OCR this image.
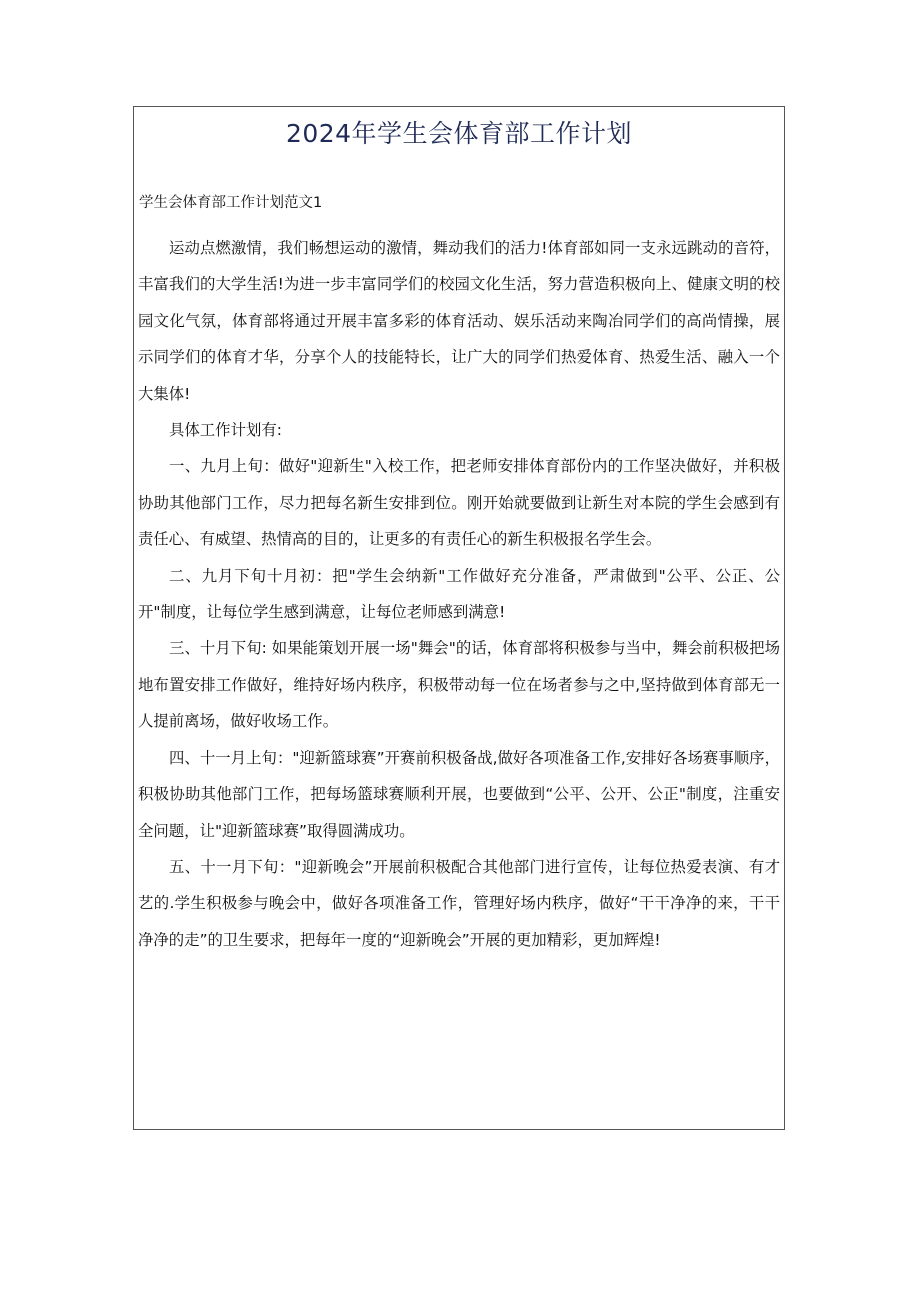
2024年学生会体育部工作计划

学生会体育部工作计划范文1

运动点燃激情，我们畅想运动的激情，舞动我们的活力!体育部如同一支永远跳动的音符，丰富我们的大学生活!为进一步丰富同学们的校园文化生活，努力营造积极向上、健康文明的校园文化气氛，体育部将通过开展丰富多彩的体育活动、娱乐活动来陶冶同学们的高尚情操，展示同学们的体育才华，分享个人的技能特长，让广大的同学们热爱体育、热爱生活、融入一个大集体!

具体工作计划有:

一、九月上旬：做好"迎新生"入校工作，把老师安排体育部份内的工作坚决做好，并积极协助其他部门工作，尽力把每名新生安排到位。刚开始就要做到让新生对本院的学生会感到有责任心、有威望、热情高的目的，让更多的有责任心的新生积极报名学生会。

二、九月下旬十月初：把"学生会纳新"工作做好充分准备，严肃做到"公平、公正、公开"制度，让每位学生感到满意，让每位老师感到满意!

三、十月下旬: 如果能策划开展一场"舞会"的话，体育部将积极参与当中，舞会前积极把场地布置安排工作做好，维持好场内秩序，积极带动每一位在场者参与之中,坚持做到体育部无一人提前离场，做好收场工作。

四、十一月上旬："迎新篮球赛”开赛前积极备战,做好各项准备工作,安排好各场赛事顺序，积极协助其他部门工作，把每场篮球赛顺利开展，也要做到“公平、公开、公正"制度，注重安全问题，让"迎新篮球赛”取得圆满成功。

五、十一月下旬："迎新晚会”开展前积极配合其他部门进行宣传，让每位热爱表演、有才艺的.学生积极参与晚会中，做好各项准备工作，管理好场内秩序，做好“干干净净的来，干干净净的走”的卫生要求，把每年一度的“迎新晚会”开展的更加精彩，更加辉煌!
